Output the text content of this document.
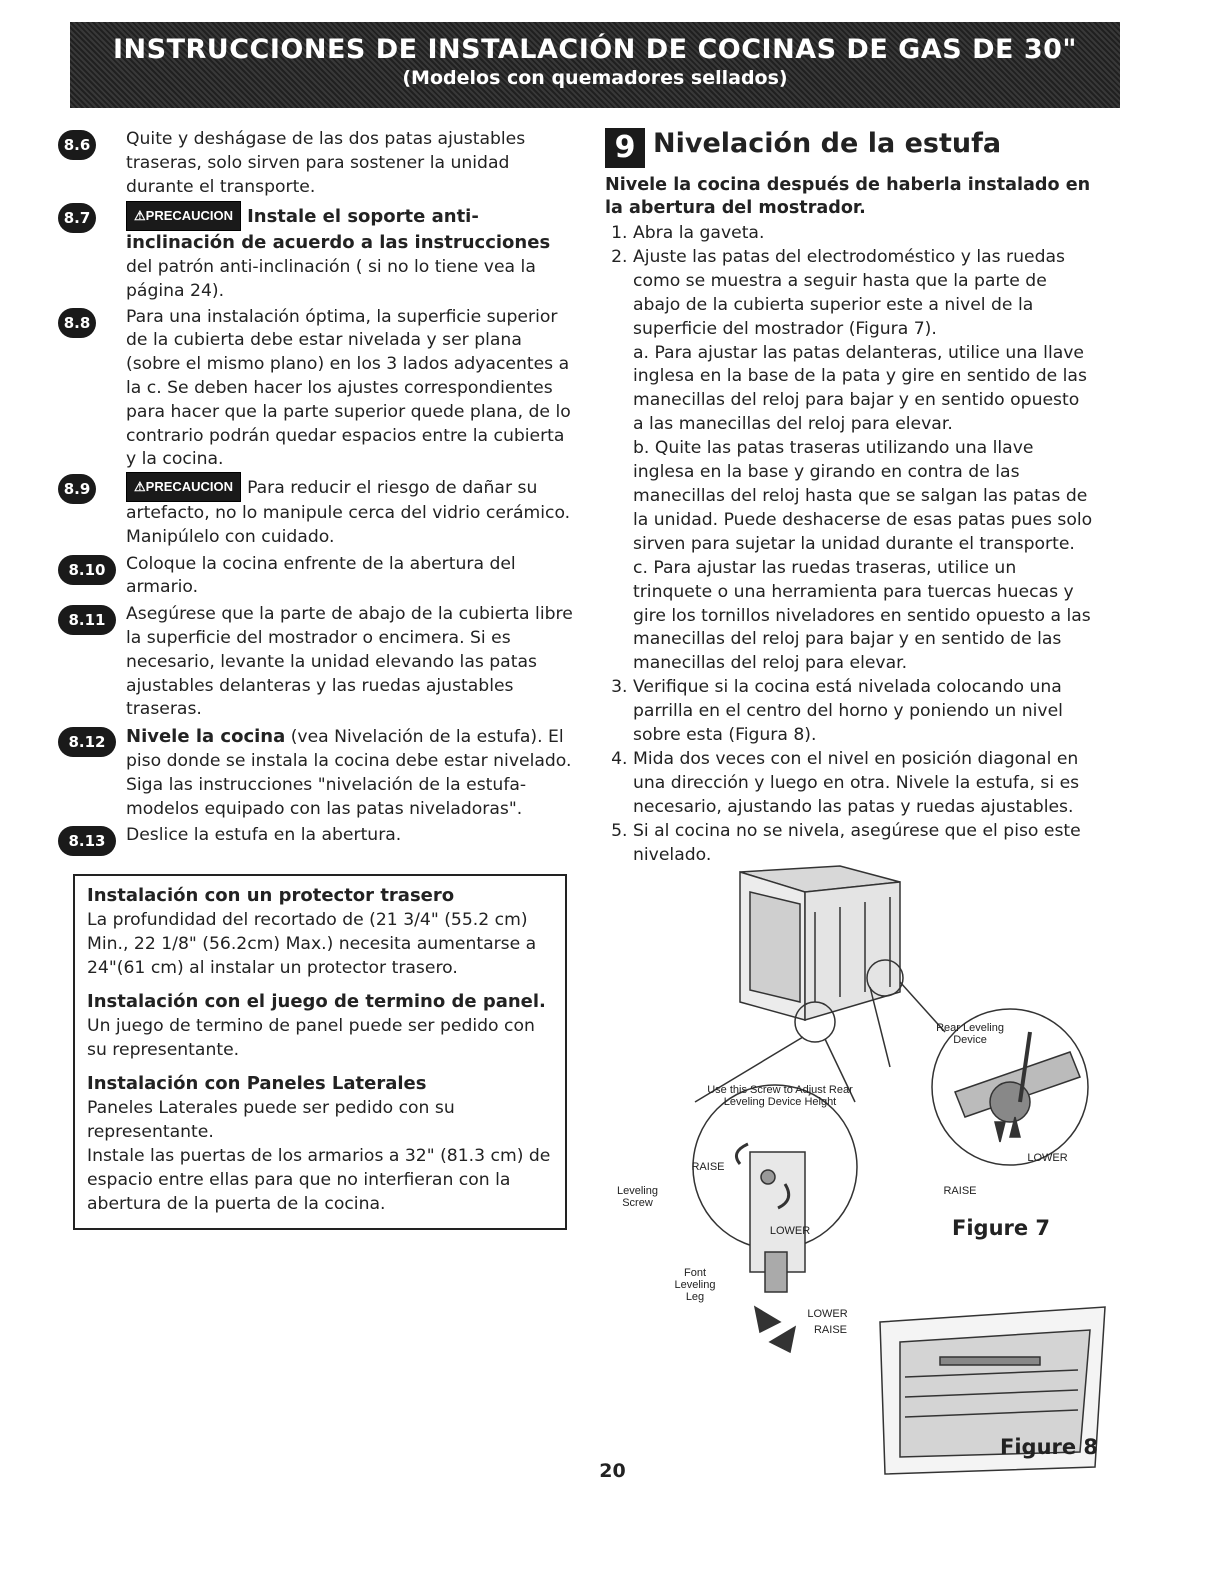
INSTRUCCIONES DE INSTALACIÓN DE COCINAS DE GAS DE 30"
(Modelos con quemadores sellados)
8.6	Quite y deshágase de las dos patas ajustables traseras, solo sirven para sostener la unidad durante el transporte.
8.7	⚠PRECAUCION Instale el soporte anti-inclinación de acuerdo a las instrucciones del patrón anti-inclinación ( si no lo tiene vea la página 24).
8.8	Para una instalación óptima, la superficie superior de la cubierta debe estar nivelada y ser plana (sobre el mismo plano) en los 3 lados adyacentes a la c. Se deben hacer los ajustes correspondientes para hacer que la parte superior quede plana, de lo contrario podrán quedar espacios entre la cubierta y la cocina.
8.9	⚠PRECAUCION Para reducir el riesgo de dañar su artefacto, no lo manipule cerca del vidrio cerámico. Manipúlelo con cuidado.
8.10	Coloque la cocina enfrente de la abertura del armario.
8.11	Asegúrese que la parte de abajo de la cubierta libre la superficie del mostrador o encimera. Si es necesario, levante la unidad elevando las patas ajustables delanteras y las ruedas ajustables traseras.
8.12	Nivele la cocina (vea Nivelación de la estufa). El piso donde se instala la cocina debe estar nivelado. Siga las instrucciones "nivelación de la estufa-modelos equipado con las patas niveladoras".
8.13	Deslice la estufa en la abertura.
Instalación con un protector trasero
La profundidad del recortado de (21 3/4" (55.2 cm) Min., 22 1/8" (56.2cm) Max.) necesita aumentarse a 24"(61 cm) al instalar un protector trasero.
Instalación con el juego de termino de panel.
Un juego de termino de panel puede ser pedido con su representante.
Instalación con Paneles Laterales
Paneles Laterales puede ser pedido con su representante.
Instale las puertas de los armarios a 32" (81.3 cm) de espacio entre ellas para que no interfieran con la abertura de la puerta de la cocina.
9 Nivelación de la estufa
Nivele la cocina después de haberla instalado en la abertura del mostrador.
1. Abra la gaveta.
2. Ajuste las patas del electrodoméstico y las ruedas como se muestra a seguir hasta que la parte de abajo de la cubierta superior este a nivel de la superficie del mostrador (Figura 7).
a. Para ajustar las patas delanteras, utilice una llave inglesa en la base de la pata y gire en sentido de las manecillas del reloj para bajar y en sentido opuesto a las manecillas del reloj para elevar.
b. Quite las patas traseras utilizando una llave inglesa en la base y girando en contra de las manecillas del reloj hasta que se salgan las patas de la unidad. Puede deshacerse de esas patas pues solo sirven para sujetar la unidad durante el transporte.
c. Para ajustar las ruedas traseras, utilice un trinquete o una herramienta para tuercas huecas y gire los tornillos niveladores en sentido opuesto a las manecillas del reloj para bajar y en sentido de las manecillas del reloj para elevar.
3. Verifique si la cocina está nivelada colocando una parrilla en el centro del horno y poniendo un nivel sobre esta (Figura 8).
4. Mida dos veces con el nivel en posición diagonal en una dirección y luego en otra. Nivele la estufa, si es necesario, ajustando las patas y ruedas ajustables.
5. Si al cocina no se nivela, asegúrese que el piso este nivelado.
Rear Leveling Device
Use this Screw to Adjust Rear Leveling Device Height
RAISE
LOWER
Leveling Screw
Font Leveling Leg
RAISE
LOWER
LOWER
RAISE
Figure 7
Figure 8
20
